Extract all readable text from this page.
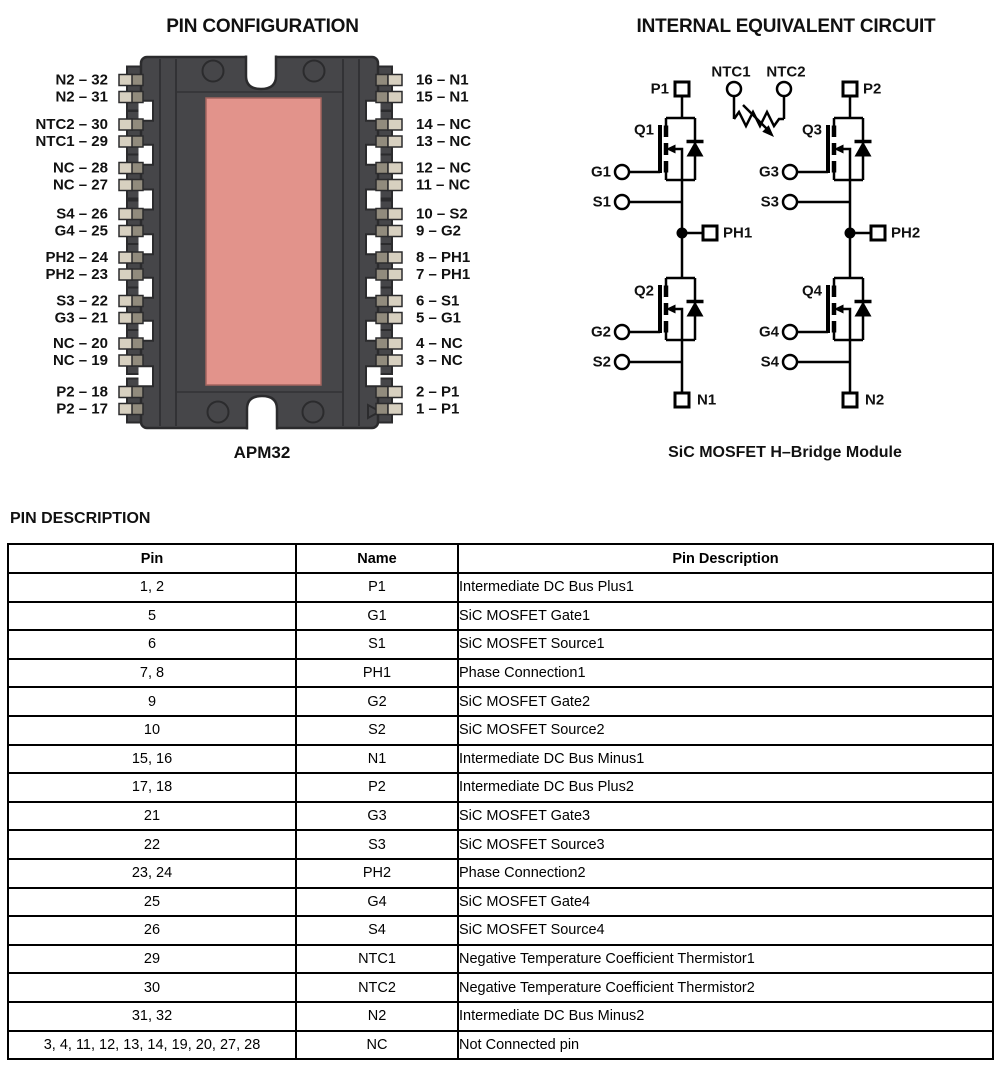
PIN CONFIGURATION	INTERNAL EQUIVALENT CIRCUIT
N2 – 32
N2 – 31
NTC2 – 30
NTC1 – 29
NC – 28
NC – 27
S4 – 26
G4 – 25
PH2 – 24
PH2 – 23
S3 – 22
G3 – 21
NC – 20
NC – 19
P2 – 18
P2 – 17
16 – N1
15 – N1
14 – NC
13 – NC
12 – NC
11 – NC
10 – S2
9 – G2
8 – PH1
7 – PH1
6 – S1
5 – G1
4 – NC
3 – NC
2 – P1
1 – P1
P1	P2
NTC1 NTC2
Q1
Q2
Q3
Q4
G1
S1
G2
S2
G3
S3
G4
S4
PH1	PH2
N1	N2
APM32	SiC MOSFET H–Bridge Module
PIN DESCRIPTION
Pin	Name	Pin Description
1, 2	P1	Intermediate DC Bus Plus1
5	G1	SiC MOSFET Gate1
6	S1	SiC MOSFET Source1
7, 8	PH1	Phase Connection1
9	G2	SiC MOSFET Gate2
10	S2	SiC MOSFET Source2
15, 16	N1	Intermediate DC Bus Minus1
17, 18	P2	Intermediate DC Bus Plus2
21	G3	SiC MOSFET Gate3
22	S3	SiC MOSFET Source3
23, 24	PH2	Phase Connection2
25	G4	SiC MOSFET Gate4
26	S4	SiC MOSFET Source4
29	NTC1	Negative Temperature Coefficient Thermistor1
30	NTC2	Negative Temperature Coefficient Thermistor2
31, 32	N2	Intermediate DC Bus Minus2
3, 4, 11, 12, 13, 14, 19, 20, 27, 28	NC	Not Connected pin
